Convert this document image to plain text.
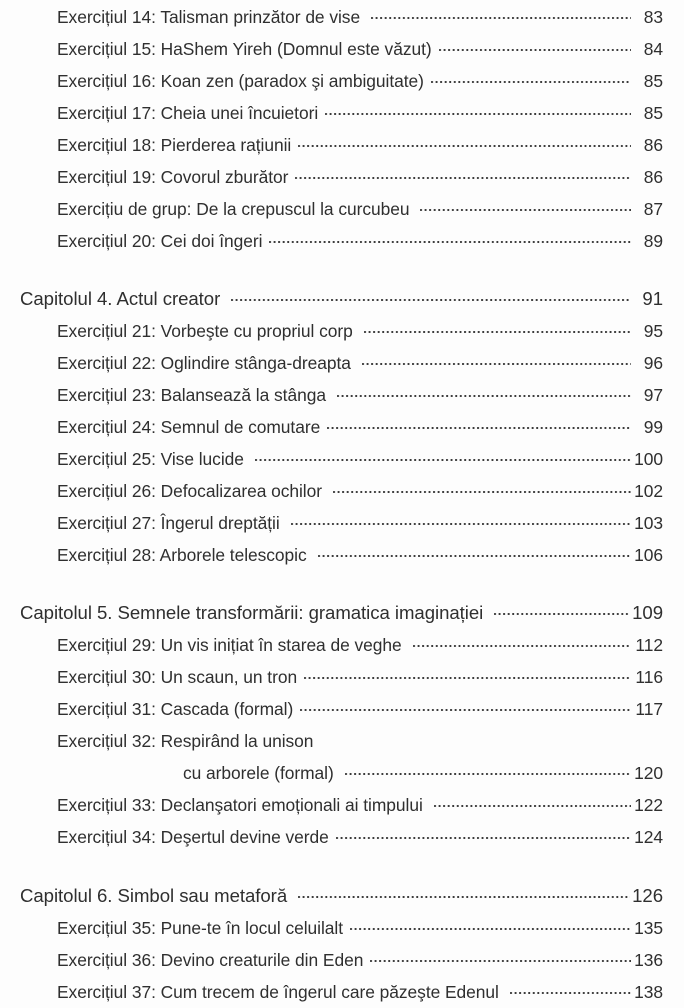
Exercițiul 14: Talisman prinzător de vise	83
Exercițiul 15: HaShem Yireh (Domnul este văzut)	84
Exercițiul 16: Koan zen (paradox şi ambiguitate)	85
Exercițiul 17: Cheia unei încuietori	85
Exercițiul 18: Pierderea rațiunii	86
Exercițiul 19: Covorul zburător	86
Exercițiu de grup: De la crepuscul la curcubeu	87
Exercițiul 20: Cei doi îngeri	89
Capitolul 4. Actul creator	91
Exercițiul 21: Vorbeşte cu propriul corp	95
Exercițiul 22: Oglindire stânga-dreapta	96
Exercițiul 23: Balansează la stânga	97
Exercițiul 24: Semnul de comutare	99
Exercițiul 25: Vise lucide	100
Exercițiul 26: Defocalizarea ochilor	102
Exercițiul 27: Îngerul dreptății	103
Exercițiul 28: Arborele telescopic	106
Capitolul 5. Semnele transformării: gramatica imaginației	109
Exercițiul 29: Un vis inițiat în starea de veghe	112
Exercițiul 30: Un scaun, un tron	116
Exercițiul 31: Cascada (formal)	117
Exercițiul 32: Respirând la unison
cu arborele (formal)	120
Exercițiul 33: Declanşatori emoționali ai timpului	122
Exercițiul 34: Deşertul devine verde	124
Capitolul 6. Simbol sau metaforă	126
Exercițiul 35: Pune-te în locul celuilalt	135
Exercițiul 36: Devino creaturile din Eden	136
Exercițiul 37: Cum trecem de îngerul care păzeşte Edenul	138
